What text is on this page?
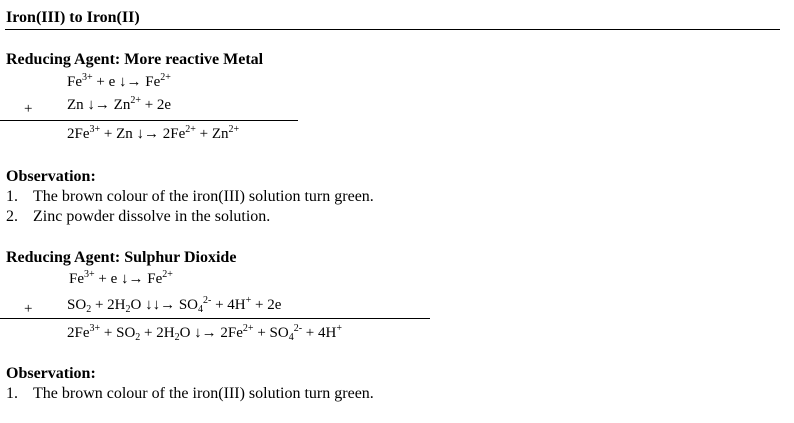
Iron(III) to Iron(II)
Reducing Agent: More reactive Metal
$Fe^{3+} + e$ ↓→ $Fe^{2+}$
+ Zn ↓→ $Zn^{2+} + 2e$
$2Fe^{3+} + Zn$ ↓→ $2Fe^{2+} + Zn^{2+}$
Observation:
1. The brown colour of the iron(III) solution turn green.
2. Zinc powder dissolve in the solution.
Reducing Agent: Sulphur Dioxide
$Fe^{3+} + e$ ↓→ $Fe^{2+}$
+ $SO_2 + 2H_2O$ ↓↓→ $SO_4^{2-} + 4H^+ + 2e$
$2Fe^{3+} + SO_2 + 2H_2O$ ↓→ $2Fe^{2+} + SO_4^{2-} + 4H^+$
Observation:
1. The brown colour of the iron(III) solution turn green.
